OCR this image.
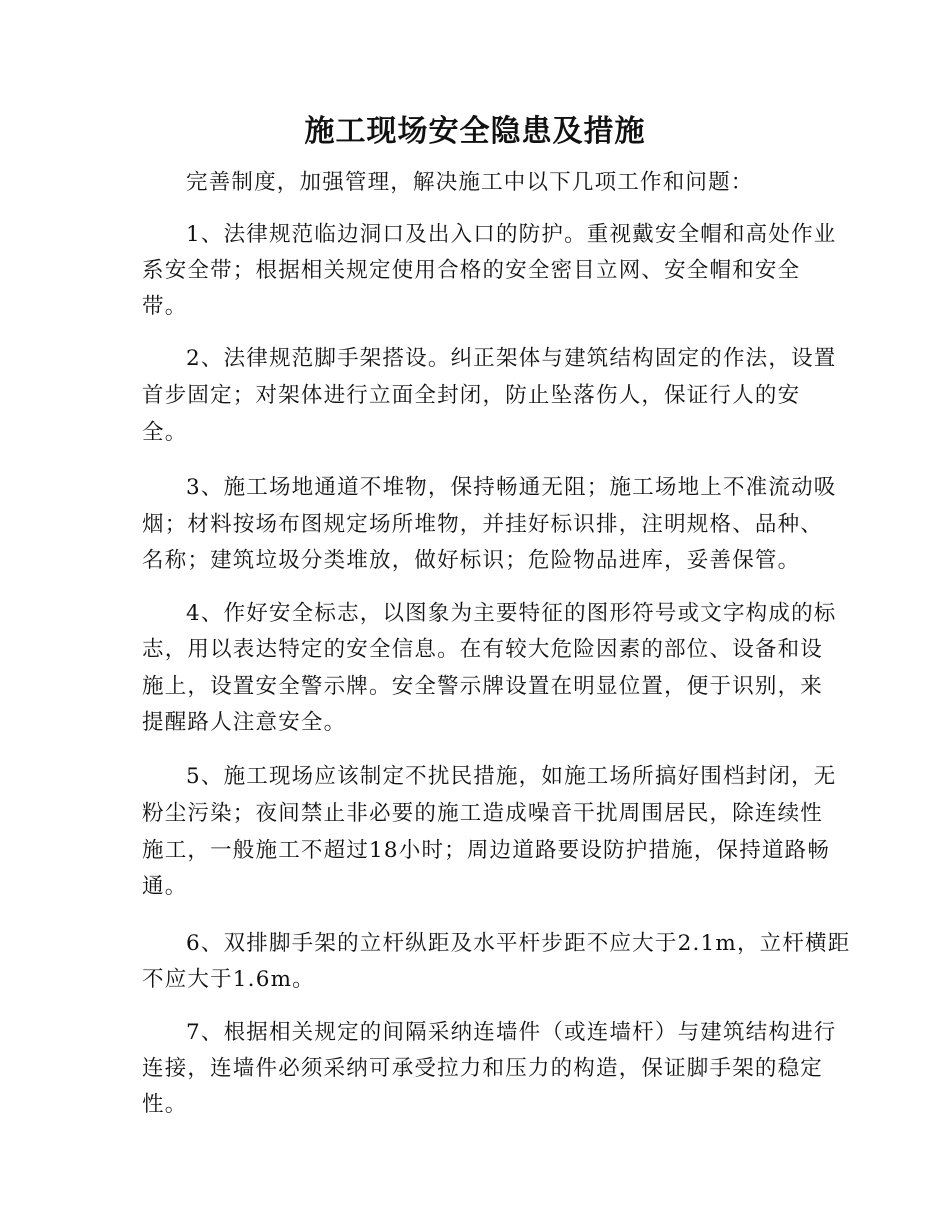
施工现场安全隐患及措施
完善制度，加强管理，解决施工中以下几项工作和问题：
1、法律规范临边洞口及出入口的防护。重视戴安全帽和高处作业
系安全带；根据相关规定使用合格的安全密目立网、安全帽和安全
带。
2、法律规范脚手架搭设。纠正架体与建筑结构固定的作法，设置
首步固定；对架体进行立面全封闭，防止坠落伤人，保证行人的安
全。
3、施工场地通道不堆物，保持畅通无阻；施工场地上不准流动吸
烟；材料按场布图规定场所堆物，并挂好标识排，注明规格、品种、
名称；建筑垃圾分类堆放，做好标识；危险物品进库，妥善保管。
4、作好安全标志，以图象为主要特征的图形符号或文字构成的标
志，用以表达特定的安全信息。在有较大危险因素的部位、设备和设
施上，设置安全警示牌。安全警示牌设置在明显位置，便于识别，来
提醒路人注意安全。
5、施工现场应该制定不扰民措施，如施工场所搞好围档封闭，无
粉尘污染；夜间禁止非必要的施工造成噪音干扰周围居民，除连续性
施工，一般施工不超过18小时；周边道路要设防护措施，保持道路畅
通。
6、双排脚手架的立杆纵距及水平杆步距不应大于2.1m，立杆横距
不应大于1.6m。
7、根据相关规定的间隔采纳连墙件（或连墙杆）与建筑结构进行
连接，连墙件必须采纳可承受拉力和压力的构造，保证脚手架的稳定
性。
